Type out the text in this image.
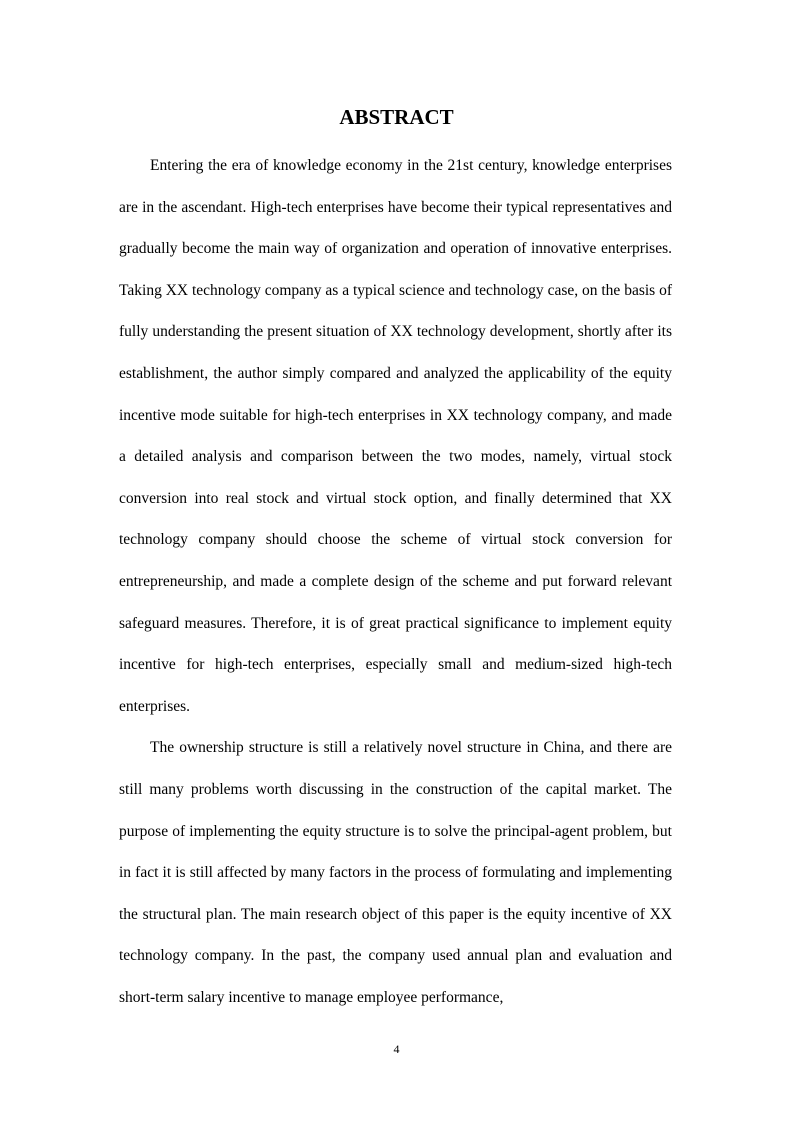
ABSTRACT

Entering the era of knowledge economy in the 21st century, knowledge enterprises are in the ascendant. High-tech enterprises have become their typical representatives and gradually become the main way of organization and operation of innovative enterprises. Taking XX technology company as a typical science and technology case, on the basis of fully understanding the present situation of XX technology development, shortly after its establishment, the author simply compared and analyzed the applicability of the equity incentive mode suitable for high-tech enterprises in XX technology company, and made a detailed analysis and comparison between the two modes, namely, virtual stock conversion into real stock and virtual stock option, and finally determined that XX technology company should choose the scheme of virtual stock conversion for entrepreneurship, and made a complete design of the scheme and put forward relevant safeguard measures. Therefore, it is of great practical significance to implement equity incentive for high-tech enterprises, especially small and medium-sized high-tech enterprises.

The ownership structure is still a relatively novel structure in China, and there are still many problems worth discussing in the construction of the capital market. The purpose of implementing the equity structure is to solve the principal-agent problem, but in fact it is still affected by many factors in the process of formulating and implementing the structural plan. The main research object of this paper is the equity incentive of XX technology company. In the past, the company used annual plan and evaluation and short-term salary incentive to manage employee performance,

4
